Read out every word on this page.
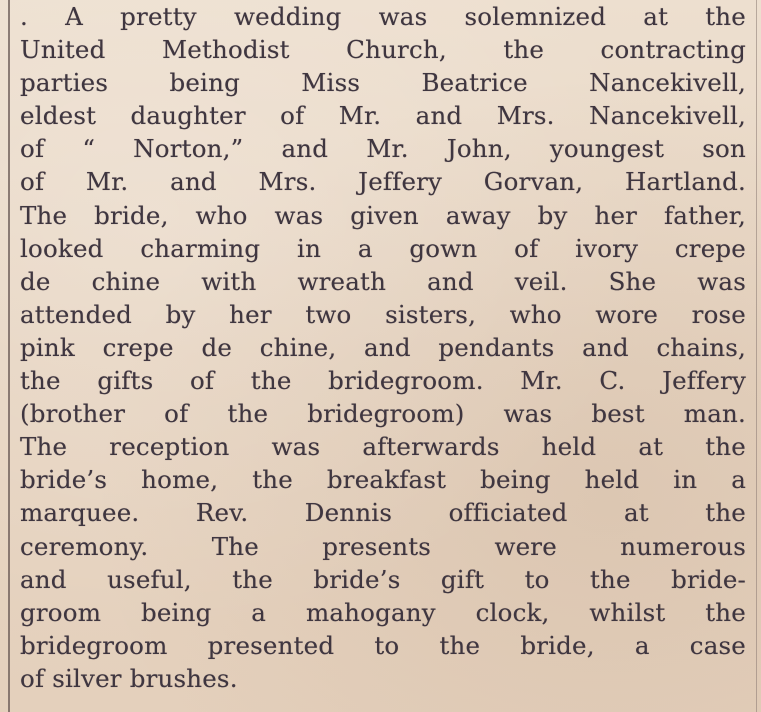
. A pretty wedding was solemnized at the
United Methodist Church, the contracting
parties being Miss Beatrice Nancekivell,
eldest daughter of Mr. and Mrs. Nancekivell,
of “ Norton,” and Mr. John, youngest son
of Mr. and Mrs. Jeffery Gorvan, Hartland.
The bride, who was given away by her father,
looked charming in a gown of ivory crepe
de chine with wreath and veil. She was
attended by her two sisters, who wore rose
pink crepe de chine, and pendants and chains,
the gifts of the bridegroom. Mr. C. Jeffery
(brother of the bridegroom) was best man.
The reception was afterwards held at the
bride’s home, the breakfast being held in a
marquee. Rev. Dennis officiated at the
ceremony. The presents were numerous
and useful, the bride’s gift to the bride-
groom being a mahogany clock, whilst the
bridegroom presented to the bride, a case
of silver brushes.
